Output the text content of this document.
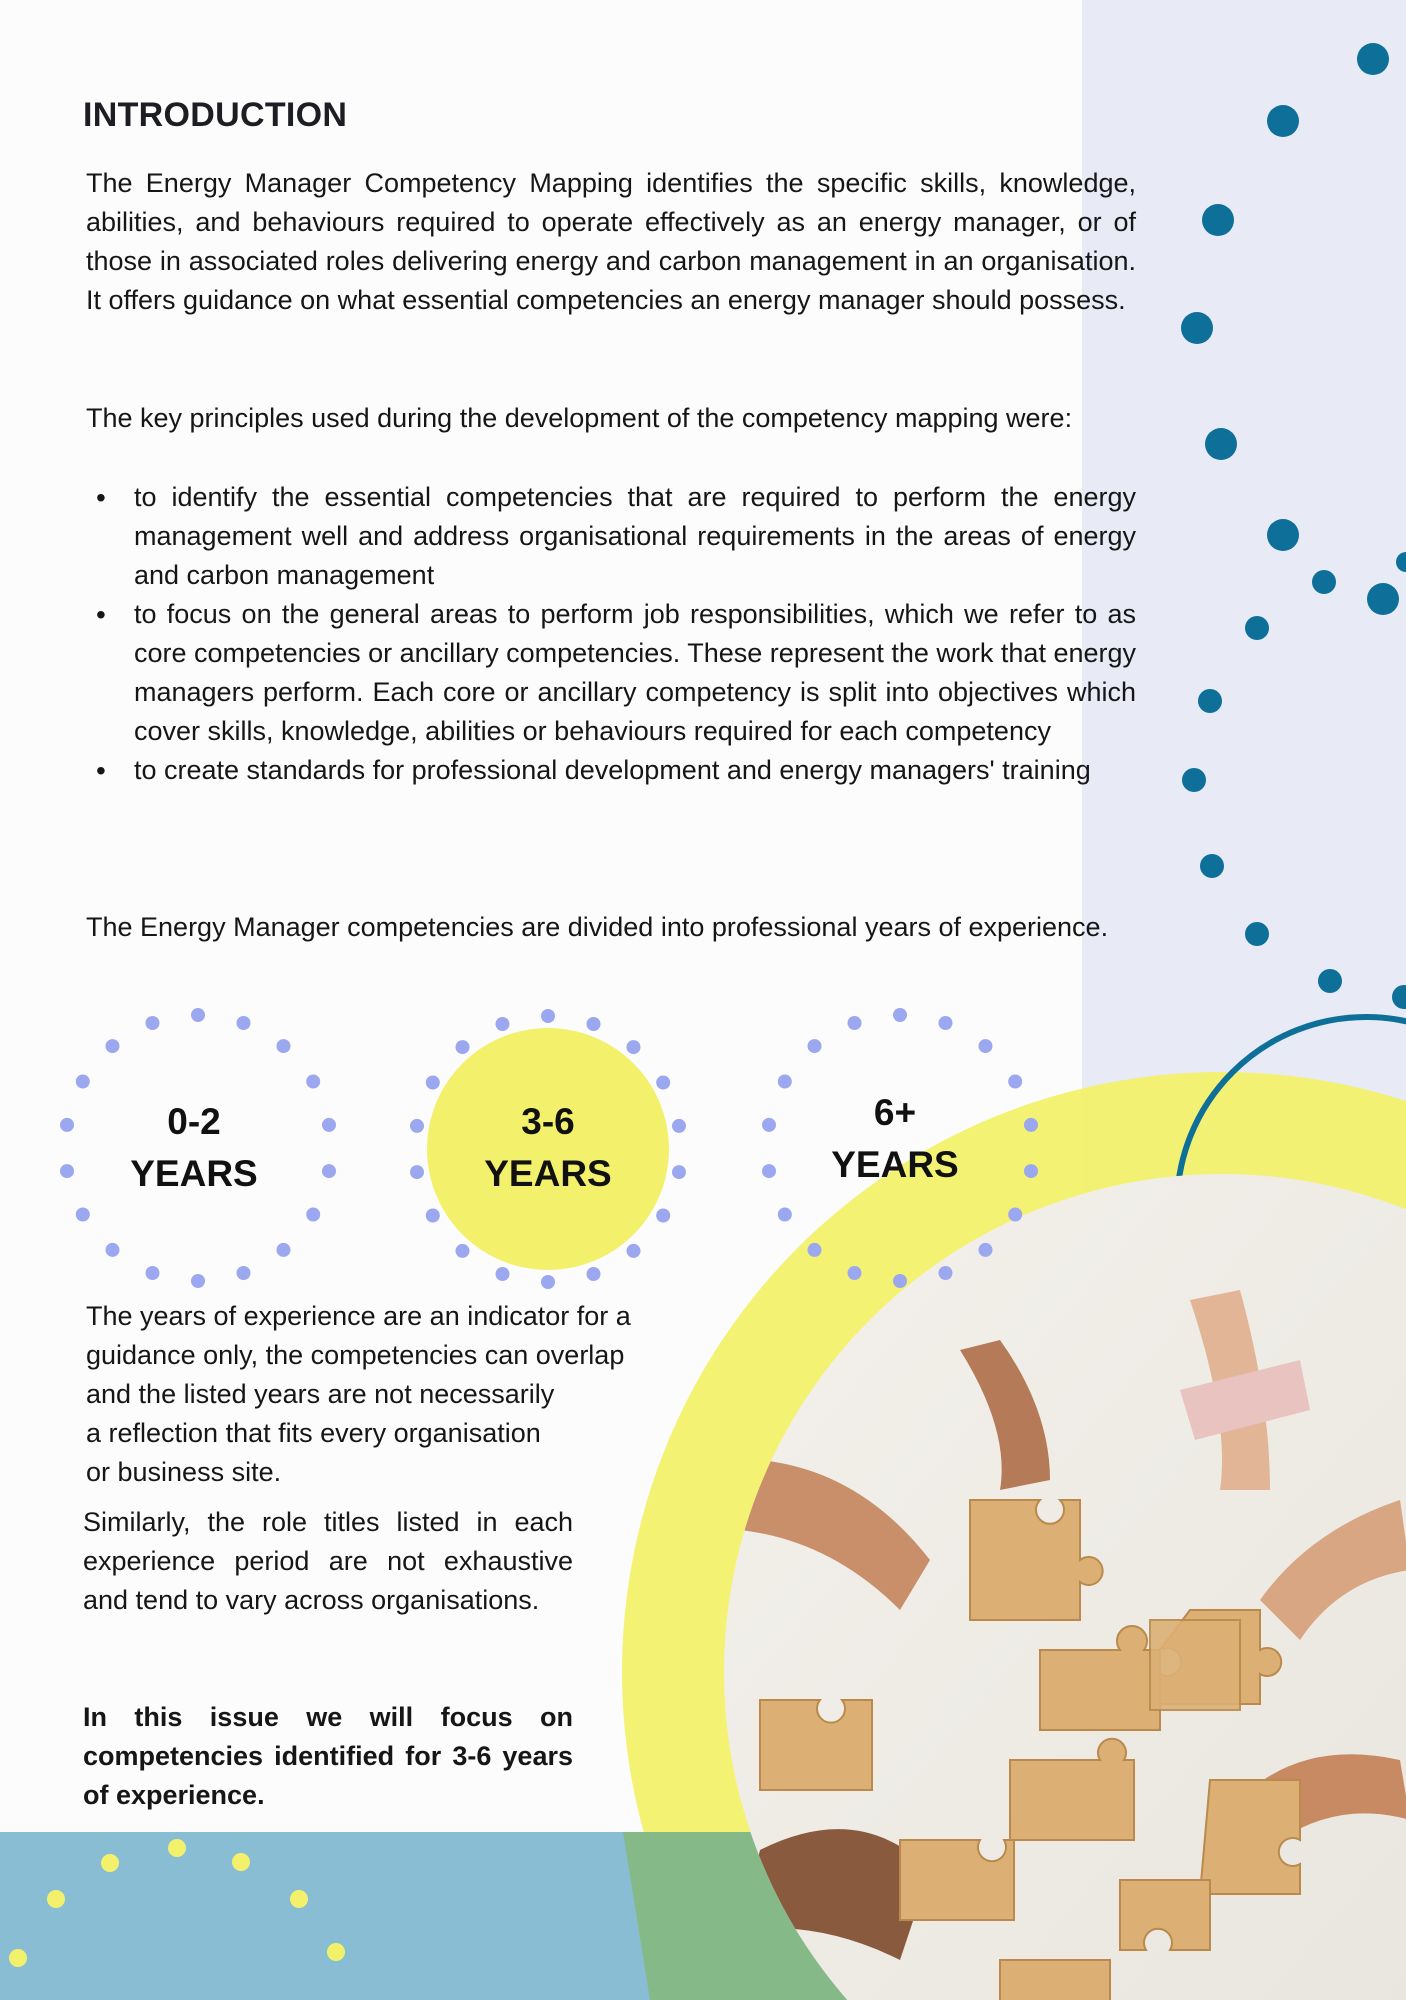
INTRODUCTION

The Energy Manager Competency Mapping identifies the specific skills, knowledge, abilities, and behaviours required to operate effectively as an energy manager, or of those in associated roles delivering energy and carbon management in an organisation. It offers guidance on what essential competencies an energy manager should possess.

The key principles used during the development of the competency mapping were:

• to identify the essential competencies that are required to perform the energy management well and address organisational requirements in the areas of energy and carbon management
• to focus on the general areas to perform job responsibilities, which we refer to as core competencies or ancillary competencies. These represent the work that energy managers perform. Each core or ancillary competency is split into objectives which cover skills, knowledge, abilities or behaviours required for each competency
• to create standards for professional development and energy managers' training

The Energy Manager competencies are divided into professional years of experience.

0-2
YEARS
3-6
YEARS
6+
YEARS
The years of experience are an indicator for a
guidance only, the competencies can overlap
and the listed years are not necessarily
a reflection that fits every organisation
or business site.

Similarly, the role titles listed in each experience period are not exhaustive and tend to vary across organisations.

In this issue we will focus on competencies identified for 3-6 years of experience.
